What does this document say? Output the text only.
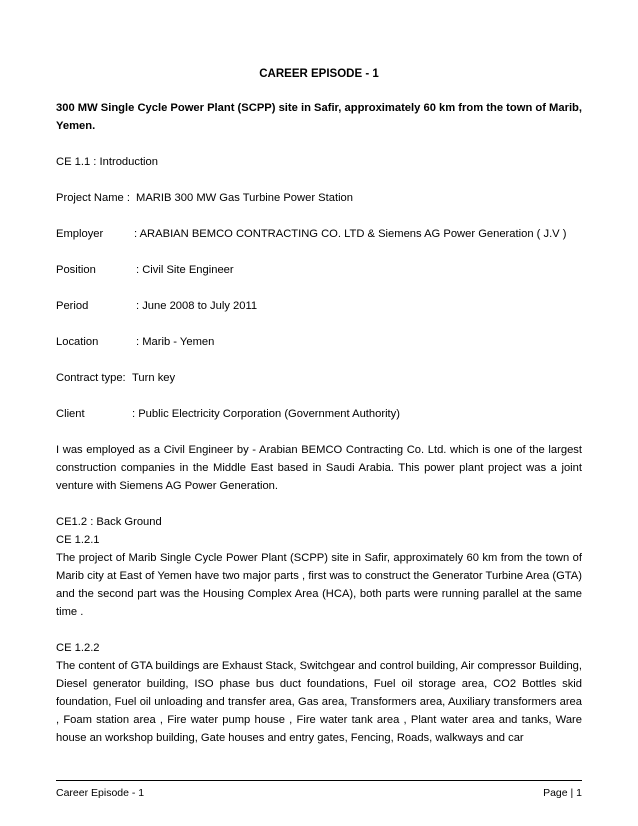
CAREER EPISODE - 1

300 MW Single Cycle Power Plant (SCPP) site in Safir, approximately 60 km from the town of Marib, Yemen.

CE 1.1 : Introduction

Project Name : MARIB 300 MW Gas Turbine Power Station
Employer	: ARABIAN BEMCO CONTRACTING CO. LTD & Siemens AG Power Generation ( J.V )
Position	: Civil Site Engineer
Period	: June 2008 to July 2011
Location	: Marib - Yemen
Contract type: Turn key
Client	: Public Electricity Corporation (Government Authority)

I was employed as a Civil Engineer by - Arabian BEMCO Contracting Co. Ltd. which is one of the largest construction companies in the Middle East based in Saudi Arabia. This power plant project was a joint venture with Siemens AG Power Generation.

CE1.2 : Back Ground

CE 1.2.1

The project of Marib Single Cycle Power Plant (SCPP) site in Safir, approximately 60 km from the town of Marib city at East of Yemen have two major parts , first was to construct the Generator Turbine Area (GTA) and the second part was the Housing Complex Area (HCA), both parts were running parallel at the same time .

CE 1.2.2

The content of GTA buildings are Exhaust Stack, Switchgear and control building, Air compressor Building, Diesel generator building, ISO phase bus duct foundations, Fuel oil storage area, CO2 Bottles skid foundation, Fuel oil unloading and transfer area, Gas area, Transformers area, Auxiliary transformers area , Foam station area , Fire water pump house , Fire water tank area , Plant water area and tanks, Ware house an workshop building, Gate houses and entry gates, Fencing, Roads, walkways and car

Career Episode - 1	Page | 1
